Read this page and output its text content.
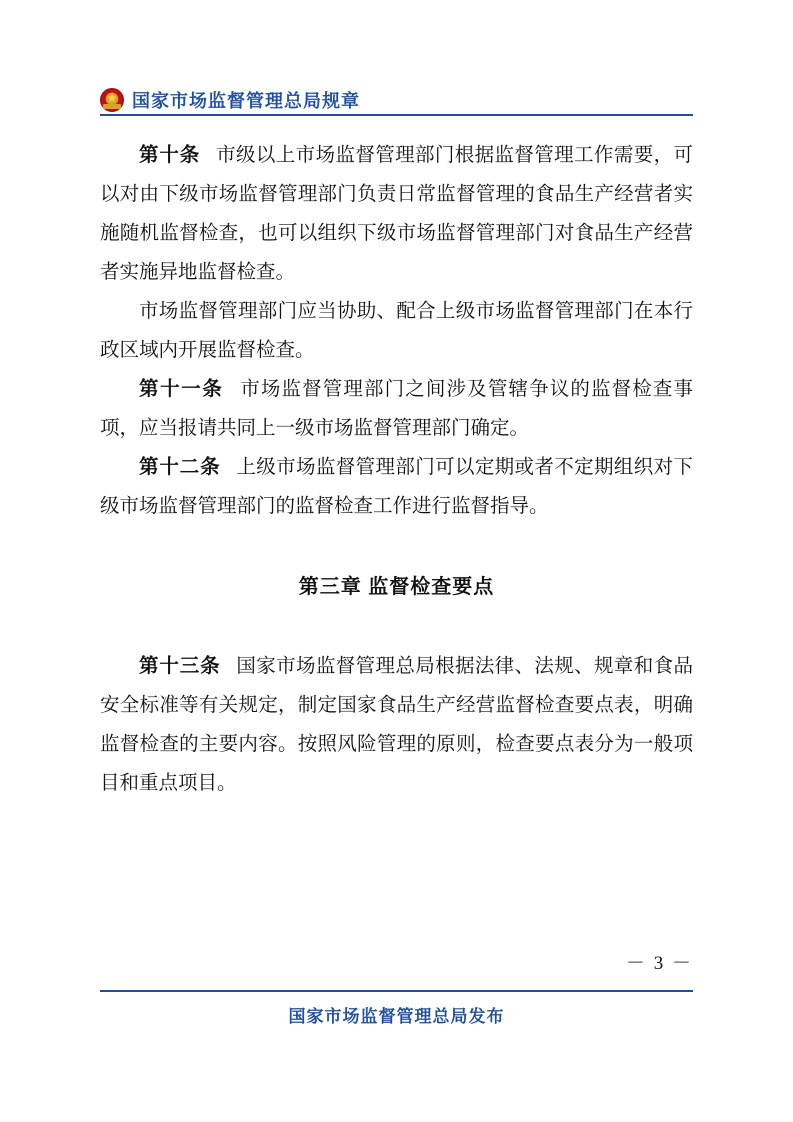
国家市场监督管理总局规章

第十条 市级以上市场监督管理部门根据监督管理工作需要，可以对由下级市场监督管理部门负责日常监督管理的食品生产经营者实施随机监督检查，也可以组织下级市场监督管理部门对食品生产经营者实施异地监督检查。

市场监督管理部门应当协助、配合上级市场监督管理部门在本行政区域内开展监督检查。

第十一条 市场监督管理部门之间涉及管辖争议的监督检查事项，应当报请共同上一级市场监督管理部门确定。

第十二条 上级市场监督管理部门可以定期或者不定期组织对下级市场监督管理部门的监督检查工作进行监督指导。

第三章 监督检查要点

第十三条 国家市场监督管理总局根据法律、法规、规章和食品安全标准等有关规定，制定国家食品生产经营监督检查要点表，明确监督检查的主要内容。按照风险管理的原则，检查要点表分为一般项目和重点项目。

－ 3 －
国家市场监督管理总局发布
